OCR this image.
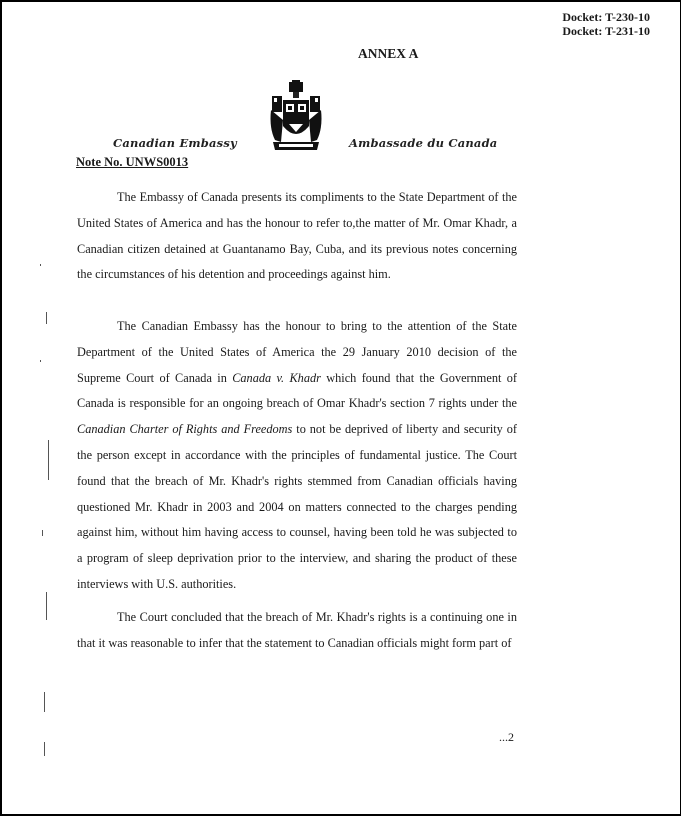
Docket: T-230-10
Docket: T-231-10
ANNEX A
Canadian Embassy	Ambassade du Canada
Note No. UNWS0013
The Embassy of Canada presents its compliments to the State Department of the United States of America and has the honour to refer to,the matter of Mr. Omar Khadr, a Canadian citizen detained at Guantanamo Bay, Cuba, and its previous notes concerning the circumstances of his detention and proceedings against him.
The Canadian Embassy has the honour to bring to the attention of the State Department of the United States of America the 29 January 2010 decision of the Supreme Court of Canada in Canada v. Khadr which found that the Government of Canada is responsible for an ongoing breach of Omar Khadr's section 7 rights under the Canadian Charter of Rights and Freedoms to not be deprived of liberty and security of the person except in accordance with the principles of fundamental justice. The Court found that the breach of Mr. Khadr's rights stemmed from Canadian officials having questioned Mr. Khadr in 2003 and 2004 on matters connected to the charges pending against him, without him having access to counsel, having been told he was subjected to a program of sleep deprivation prior to the interview, and sharing the product of these interviews with U.S. authorities.
The Court concluded that the breach of Mr. Khadr's rights is a continuing one in that it was reasonable to infer that the statement to Canadian officials might form part of
...2
